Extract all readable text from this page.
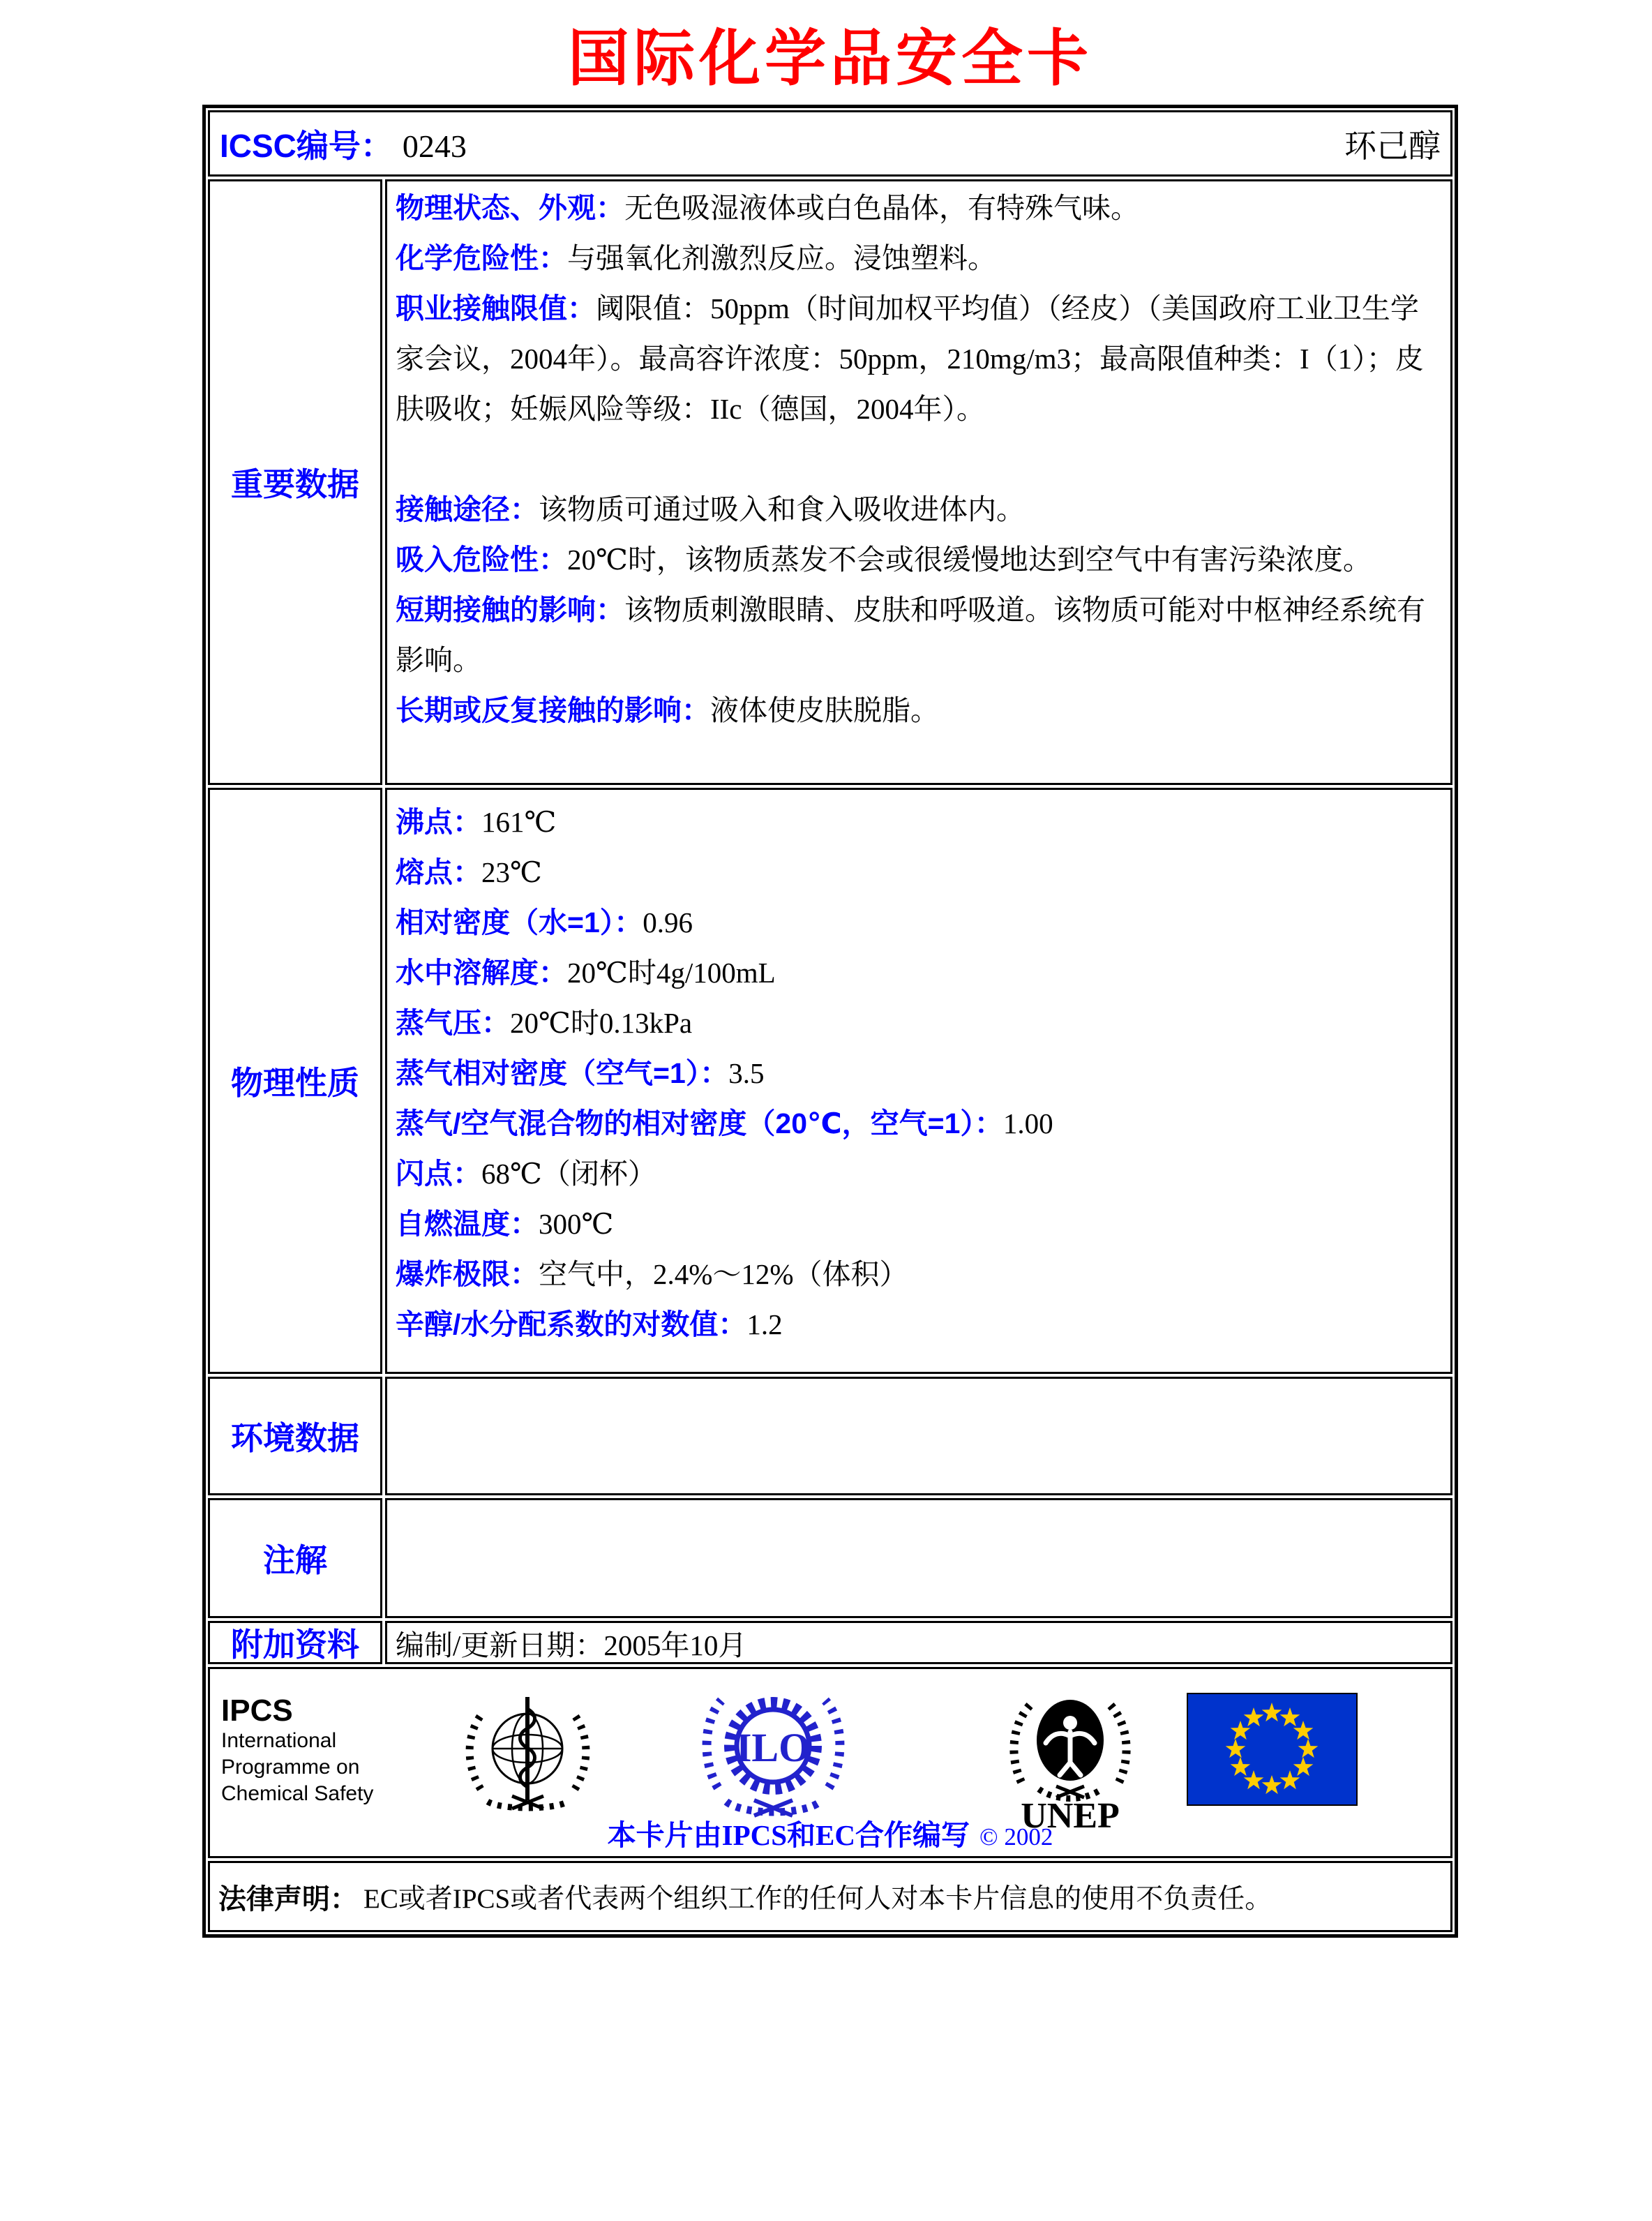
国际化学品安全卡
ICSC编号： 0243	环己醇
重要数据
物理状态、外观：无色吸湿液体或白色晶体，有特殊气味。
化学危险性：与强氧化剂激烈反应。浸蚀塑料。
职业接触限值：阈限值：50ppm（时间加权平均值）（经皮）（美国政府工业卫生学家会议，2004年）。最高容许浓度：50ppm，210mg/m3；最高限值种类：I（1）；皮肤吸收；妊娠风险等级：IIc（德国，2004年）。

接触途径：该物质可通过吸入和食入吸收进体内。
吸入危险性：20℃时，该物质蒸发不会或很缓慢地达到空气中有害污染浓度。
短期接触的影响：该物质刺激眼睛、皮肤和呼吸道。该物质可能对中枢神经系统有影响。
长期或反复接触的影响：液体使皮肤脱脂。
物理性质
沸点：161℃
熔点：23℃
相对密度（水=1）：0.96
水中溶解度：20℃时4g/100mL
蒸气压：20℃时0.13kPa
蒸气相对密度（空气=1）：3.5
蒸气/空气混合物的相对密度（20℃，空气=1）：1.00
闪点：68℃（闭杯）
自燃温度：300℃
爆炸极限：空气中，2.4%～12%（体积）
辛醇/水分配系数的对数值：1.2
环境数据
注解
附加资料 编制/更新日期： 2005年10月
IPCS
International
Programme on
Chemical Safety
ILO
UNEP
本卡片由IPCS和EC合作编写 © 2002
法律声明： EC或者IPCS或者代表两个组织工作的任何人对本卡片信息的使用不负责任。
